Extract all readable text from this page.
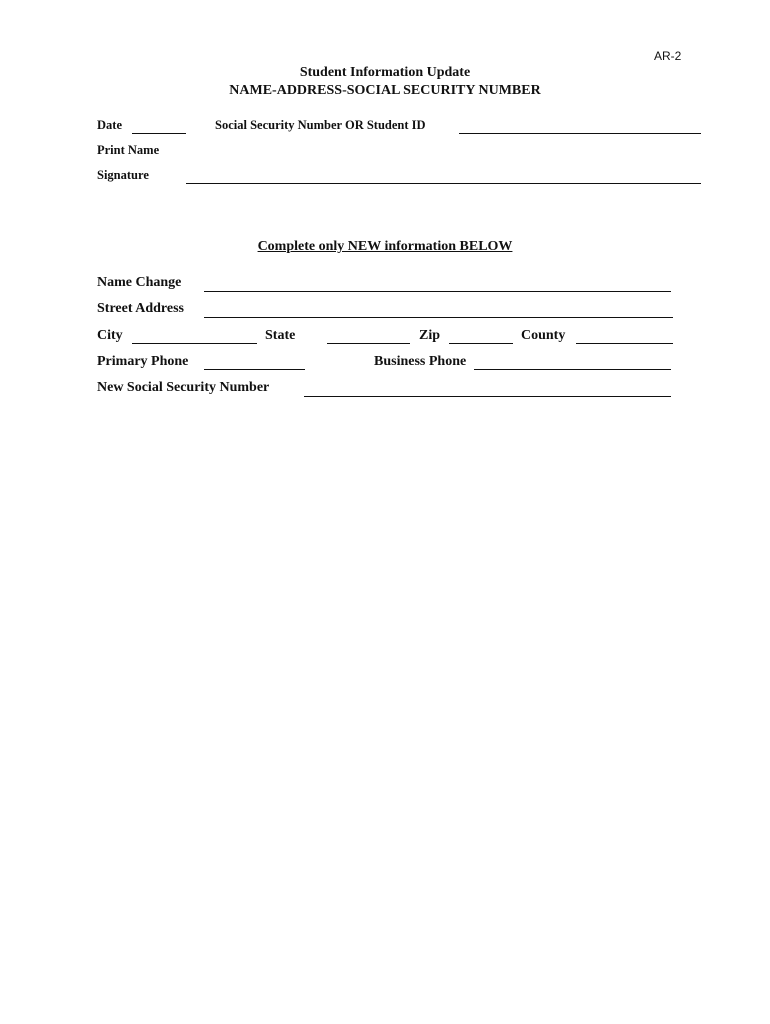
AR-2
Student Information Update
NAME-ADDRESS-SOCIAL SECURITY NUMBER
Date	Social Security Number OR Student ID
Print Name
Signature
Complete only NEW information BELOW
Name Change
Street Address
City	State	Zip	County
Primary Phone	Business Phone
New Social Security Number
